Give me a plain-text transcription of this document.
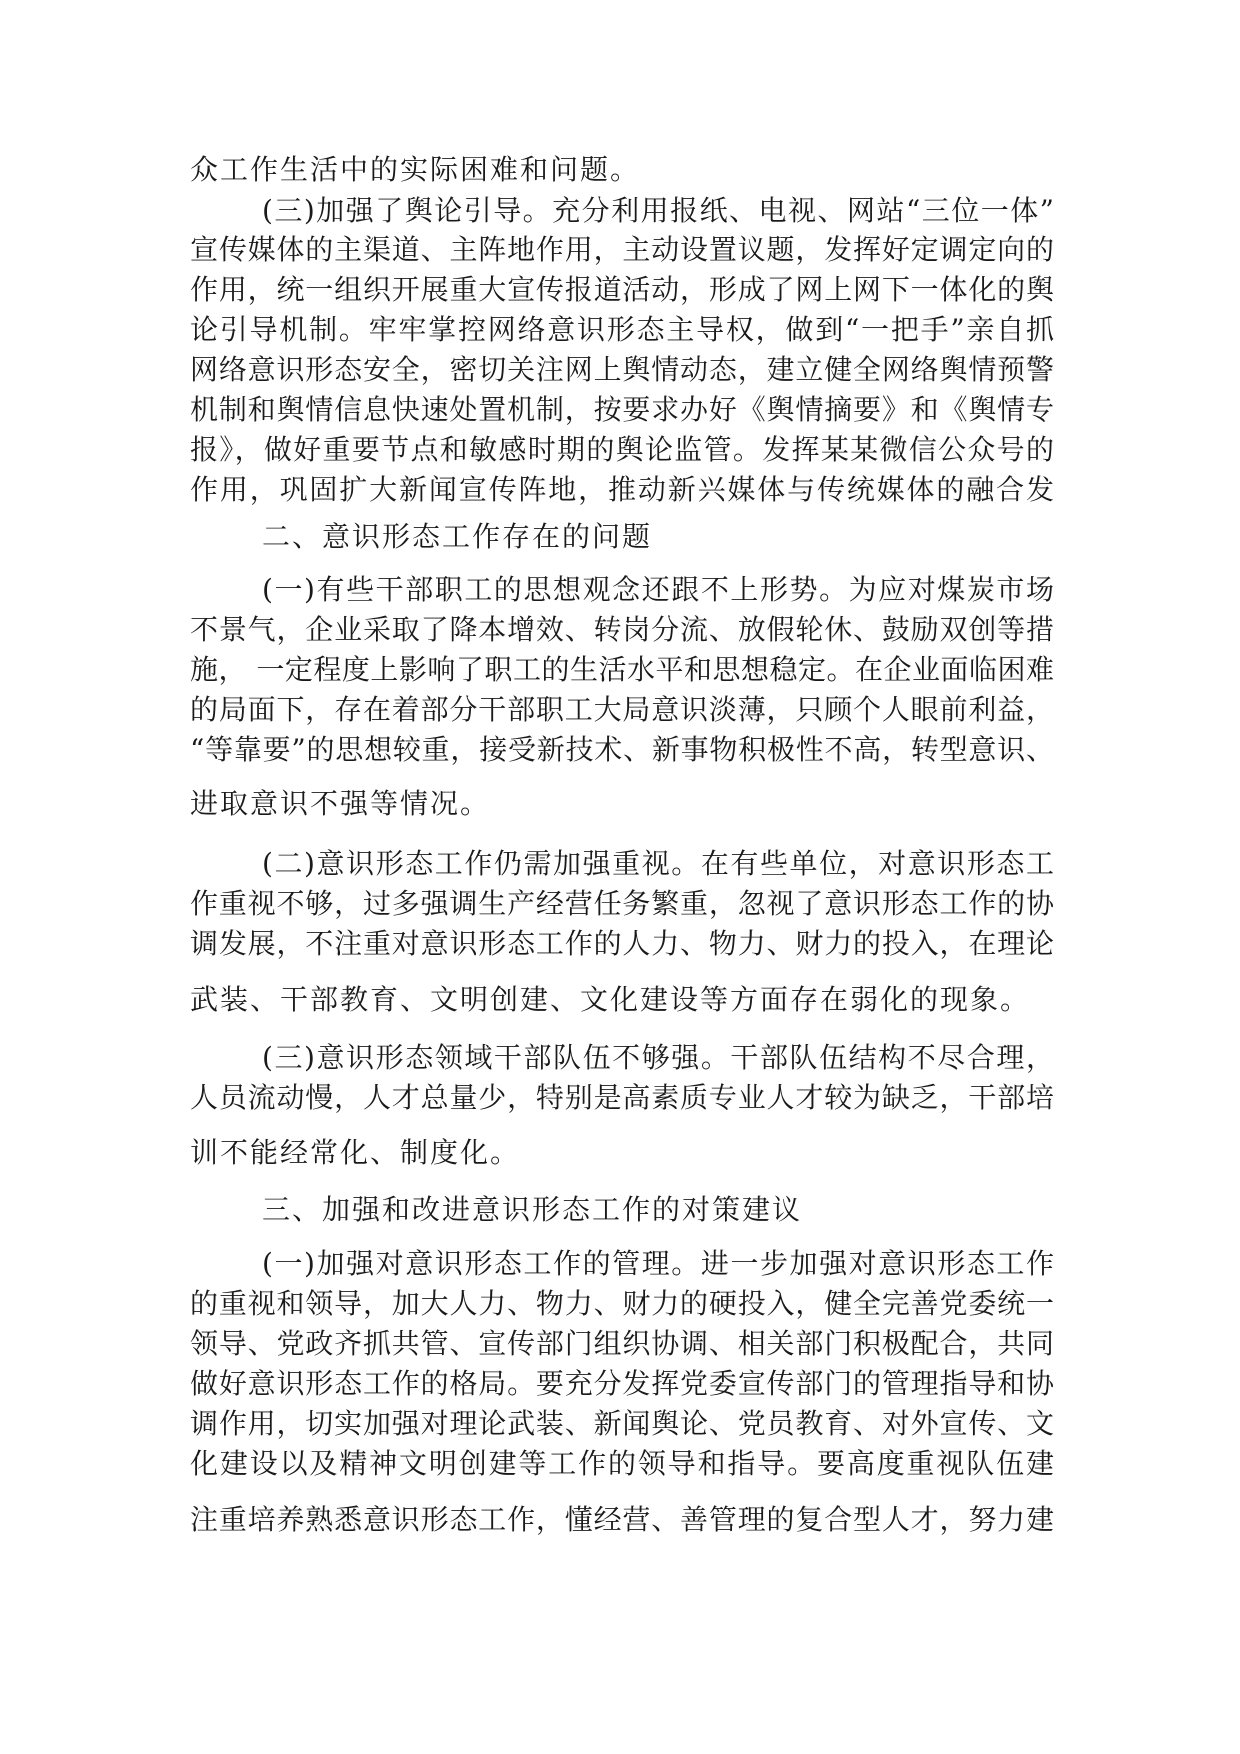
众工作生活中的实际困难和问题。
(三)加强了舆论引导。充分利用报纸、电视、网站“三位一体”
宣传媒体的主渠道、主阵地作用，主动设置议题，发挥好定调定向的
作用，统一组织开展重大宣传报道活动，形成了网上网下一体化的舆
论引导机制。牢牢掌控网络意识形态主导权，做到“一把手”亲自抓
网络意识形态安全，密切关注网上舆情动态，建立健全网络舆情预警
机制和舆情信息快速处置机制，按要求办好《舆情摘要》和《舆情专
报》，做好重要节点和敏感时期的舆论监管。发挥某某微信公众号的
作用，巩固扩大新闻宣传阵地，推动新兴媒体与传统媒体的融合发
二、意识形态工作存在的问题
(一)有些干部职工的思想观念还跟不上形势。为应对煤炭市场
不景气，企业采取了降本增效、转岗分流、放假轮休、鼓励双创等措
施， 一定程度上影响了职工的生活水平和思想稳定。在企业面临困难
的局面下，存在着部分干部职工大局意识淡薄，只顾个人眼前利益，
“等靠要”的思想较重，接受新技术、新事物积极性不高，转型意识、
进取意识不强等情况。
(二)意识形态工作仍需加强重视。在有些单位，对意识形态工
作重视不够，过多强调生产经营任务繁重，忽视了意识形态工作的协
调发展，不注重对意识形态工作的人力、物力、财力的投入，在理论
武装、干部教育、文明创建、文化建设等方面存在弱化的现象。
(三)意识形态领域干部队伍不够强。干部队伍结构不尽合理，
人员流动慢，人才总量少，特别是高素质专业人才较为缺乏，干部培
训不能经常化、制度化。
三、加强和改进意识形态工作的对策建议
(一)加强对意识形态工作的管理。进一步加强对意识形态工作
的重视和领导，加大人力、物力、财力的硬投入，健全完善党委统一
领导、党政齐抓共管、宣传部门组织协调、相关部门积极配合，共同
做好意识形态工作的格局。要充分发挥党委宣传部门的管理指导和协
调作用，切实加强对理论武装、新闻舆论、党员教育、对外宣传、文
化建设以及精神文明创建等工作的领导和指导。要高度重视队伍建
注重培养熟悉意识形态工作，懂经营、善管理的复合型人才，努力建
